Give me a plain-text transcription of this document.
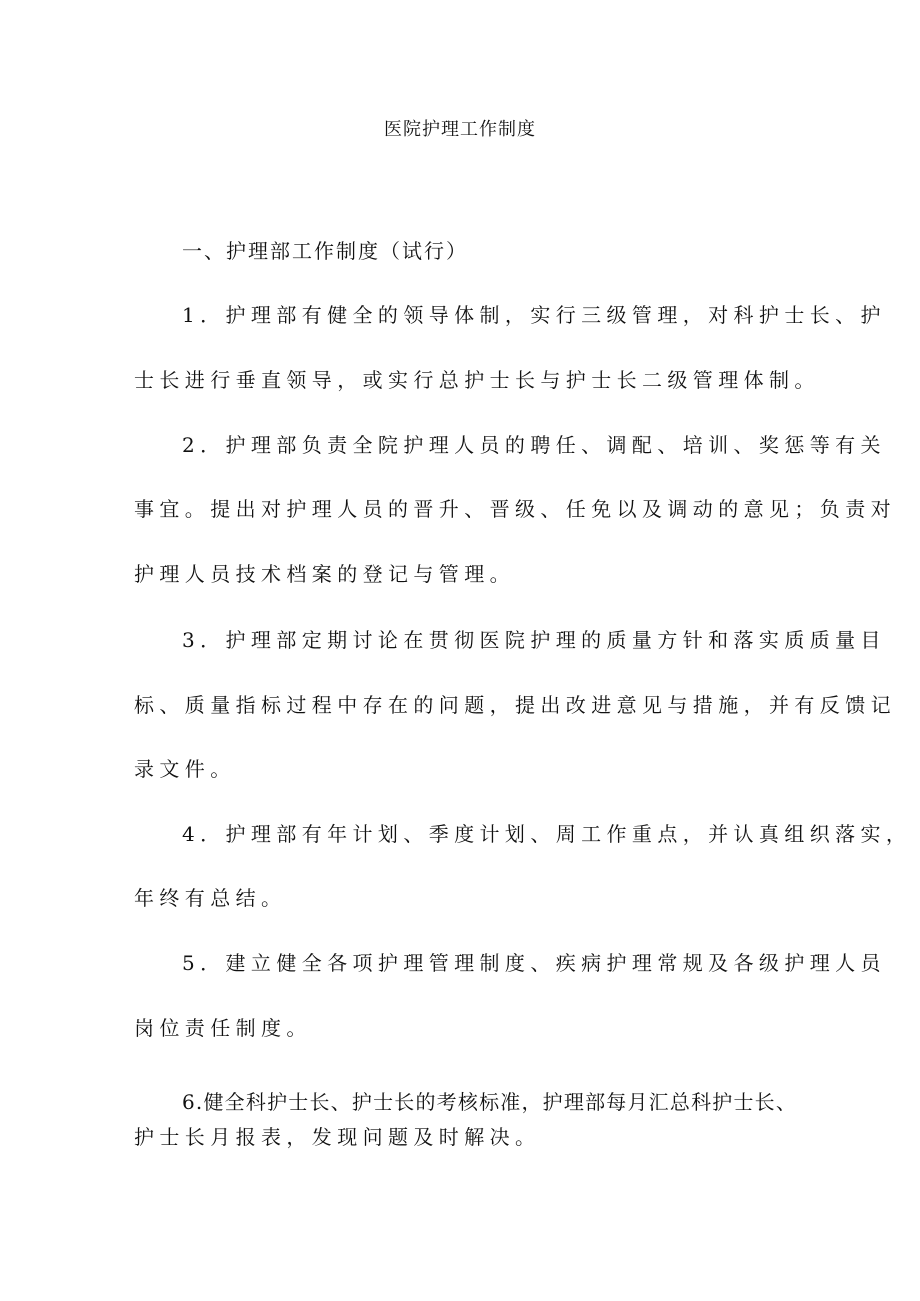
医院护理工作制度
一、护理部工作制度（试行）
1．护理部有健全的领导体制，实行三级管理，对科护士长、护
士长进行垂直领导，或实行总护士长与护士长二级管理体制。
2．护理部负责全院护理人员的聘任、调配、培训、奖惩等有关
事宜。提出对护理人员的晋升、晋级、任免以及调动的意见；负责对
护理人员技术档案的登记与管理。
3．护理部定期讨论在贯彻医院护理的质量方针和落实质质量目
标、质量指标过程中存在的问题，提出改进意见与措施，并有反馈记
录文件。
4．护理部有年计划、季度计划、周工作重点，并认真组织落实，
年终有总结。
5．建立健全各项护理管理制度、疾病护理常规及各级护理人员
岗位责任制度。
6.健全科护士长、护士长的考核标准，护理部每月汇总科护士长、
护士长月报表，发现问题及时解决。
